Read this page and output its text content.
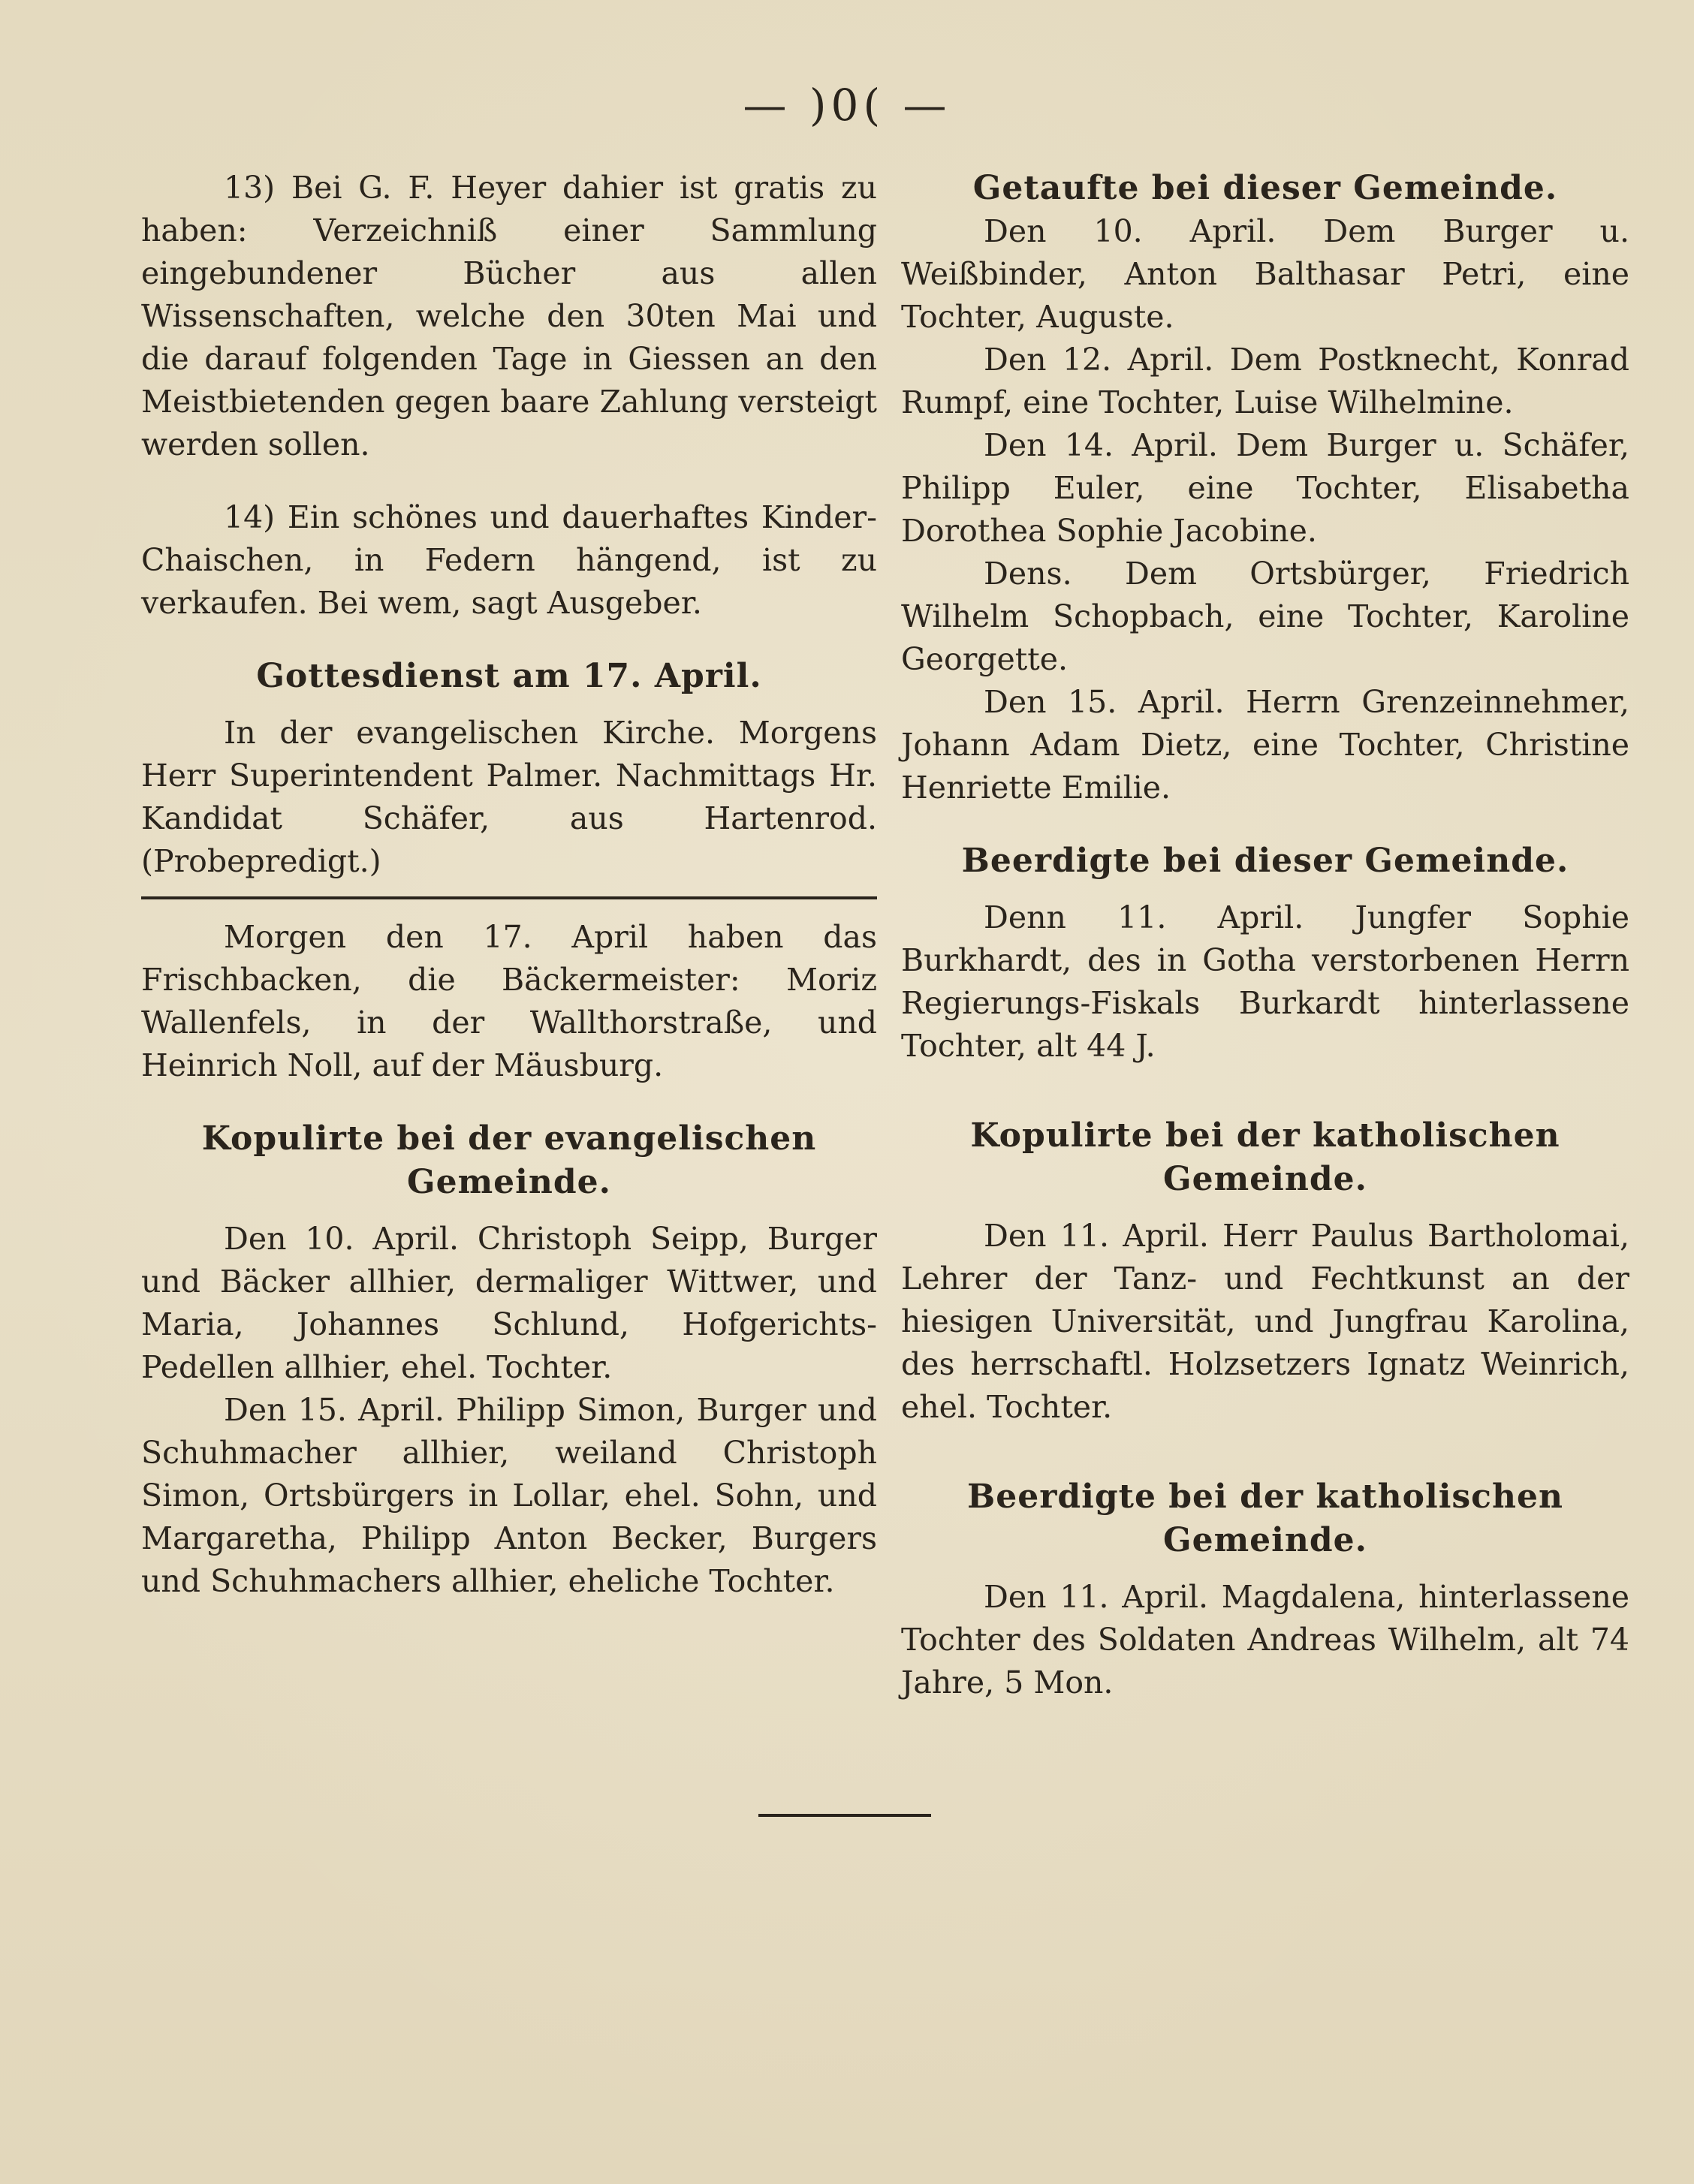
— )0( —

13) Bei G. F. Heyer dahier ist gratis zu haben: Verzeichniß einer Sammlung eingebundener Bücher aus allen Wissenschaften, welche den 30ten Mai und die darauf folgenden Tage in Giessen an den Meistbietenden gegen baare Zahlung versteigt werden sollen.

14) Ein schönes und dauerhaftes Kinder-Chaischen, in Federn hängend, ist zu verkaufen. Bei wem, sagt Ausgeber.

Gottesdienst am 17. April.

In der evangelischen Kirche. Morgens Herr Superintendent Palmer. Nachmittags Hr. Kandidat Schäfer, aus Hartenrod. (Probepredigt.)

Morgen den 17. April haben das Frischbacken, die Bäckermeister: Moriz Wallenfels, in der Wallthorstraße, und Heinrich Noll, auf der Mäusburg.

Kopulirte bei der evangelischen Gemeinde.

Den 10. April. Christoph Seipp, Burger und Bäcker allhier, dermaliger Wittwer, und Maria, Johannes Schlund, Hofgerichts-Pedellen allhier, ehel. Tochter.

Den 15. April. Philipp Simon, Burger und Schuhmacher allhier, weiland Christoph Simon, Ortsbürgers in Lollar, ehel. Sohn, und Margaretha, Philipp Anton Becker, Burgers und Schuhmachers allhier, eheliche Tochter.

Getaufte bei dieser Gemeinde.

Den 10. April. Dem Burger u. Weißbinder, Anton Balthasar Petri, eine Tochter, Auguste.

Den 12. April. Dem Postknecht, Konrad Rumpf, eine Tochter, Luise Wilhelmine.

Den 14. April. Dem Burger u. Schäfer, Philipp Euler, eine Tochter, Elisabetha Dorothea Sophie Jacobine.

Dens. Dem Ortsbürger, Friedrich Wilhelm Schopbach, eine Tochter, Karoline Georgette.

Den 15. April. Herrn Grenzeinnehmer, Johann Adam Dietz, eine Tochter, Christine Henriette Emilie.

Beerdigte bei dieser Gemeinde.

Denn 11. April. Jungfer Sophie Burkhardt, des in Gotha verstorbenen Herrn Regierungs-Fiskals Burkardt hinterlassene Tochter, alt 44 J.

Kopulirte bei der katholischen Gemeinde.

Den 11. April. Herr Paulus Bartholomai, Lehrer der Tanz- und Fechtkunst an der hiesigen Universität, und Jungfrau Karolina, des herrschaftl. Holzsetzers Ignatz Weinrich, ehel. Tochter.

Beerdigte bei der katholischen Gemeinde.

Den 11. April. Magdalena, hinterlassene Tochter des Soldaten Andreas Wilhelm, alt 74 Jahre, 5 Mon.
